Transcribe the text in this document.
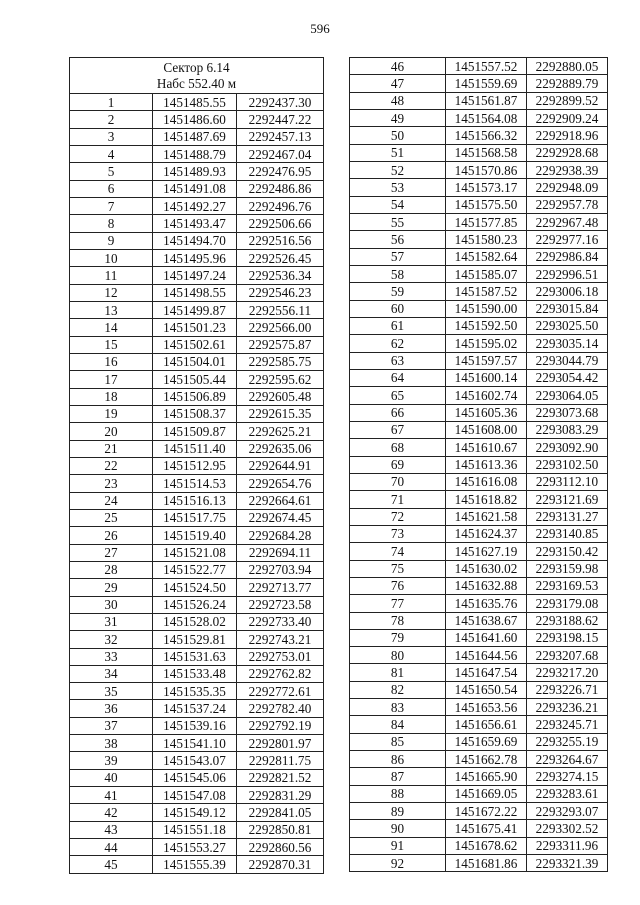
596
Сектор 6.14
Набс 552.40 м		

1	1451485.55	2292437.30
2	1451486.60	2292447.22
3	1451487.69	2292457.13
4	1451488.79	2292467.04
5	1451489.93	2292476.95
6	1451491.08	2292486.86
7	1451492.27	2292496.76
8	1451493.47	2292506.66
9	1451494.70	2292516.56
10	1451495.96	2292526.45
11	1451497.24	2292536.34
12	1451498.55	2292546.23
13	1451499.87	2292556.11
14	1451501.23	2292566.00
15	1451502.61	2292575.87
16	1451504.01	2292585.75
17	1451505.44	2292595.62
18	1451506.89	2292605.48
19	1451508.37	2292615.35
20	1451509.87	2292625.21
21	1451511.40	2292635.06
22	1451512.95	2292644.91
23	1451514.53	2292654.76
24	1451516.13	2292664.61
25	1451517.75	2292674.45
26	1451519.40	2292684.28
27	1451521.08	2292694.11
28	1451522.77	2292703.94
29	1451524.50	2292713.77
30	1451526.24	2292723.58
31	1451528.02	2292733.40
32	1451529.81	2292743.21
33	1451531.63	2292753.01
34	1451533.48	2292762.82
35	1451535.35	2292772.61
36	1451537.24	2292782.40
37	1451539.16	2292792.19
38	1451541.10	2292801.97
39	1451543.07	2292811.75
40	1451545.06	2292821.52
41	1451547.08	2292831.29
42	1451549.12	2292841.05
43	1451551.18	2292850.81
44	1451553.27	2292860.56
45	1451555.39	2292870.31
46	1451557.52	2292880.05
47	1451559.69	2292889.79
48	1451561.87	2292899.52
49	1451564.08	2292909.24
50	1451566.32	2292918.96
51	1451568.58	2292928.68
52	1451570.86	2292938.39
53	1451573.17	2292948.09
54	1451575.50	2292957.78
55	1451577.85	2292967.48
56	1451580.23	2292977.16
57	1451582.64	2292986.84
58	1451585.07	2292996.51
59	1451587.52	2293006.18
60	1451590.00	2293015.84
61	1451592.50	2293025.50
62	1451595.02	2293035.14
63	1451597.57	2293044.79
64	1451600.14	2293054.42
65	1451602.74	2293064.05
66	1451605.36	2293073.68
67	1451608.00	2293083.29
68	1451610.67	2293092.90
69	1451613.36	2293102.50
70	1451616.08	2293112.10
71	1451618.82	2293121.69
72	1451621.58	2293131.27
73	1451624.37	2293140.85
74	1451627.19	2293150.42
75	1451630.02	2293159.98
76	1451632.88	2293169.53
77	1451635.76	2293179.08
78	1451638.67	2293188.62
79	1451641.60	2293198.15
80	1451644.56	2293207.68
81	1451647.54	2293217.20
82	1451650.54	2293226.71
83	1451653.56	2293236.21
84	1451656.61	2293245.71
85	1451659.69	2293255.19
86	1451662.78	2293264.67
87	1451665.90	2293274.15
88	1451669.05	2293283.61
89	1451672.22	2293293.07
90	1451675.41	2293302.52
91	1451678.62	2293311.96
92	1451681.86	2293321.39
